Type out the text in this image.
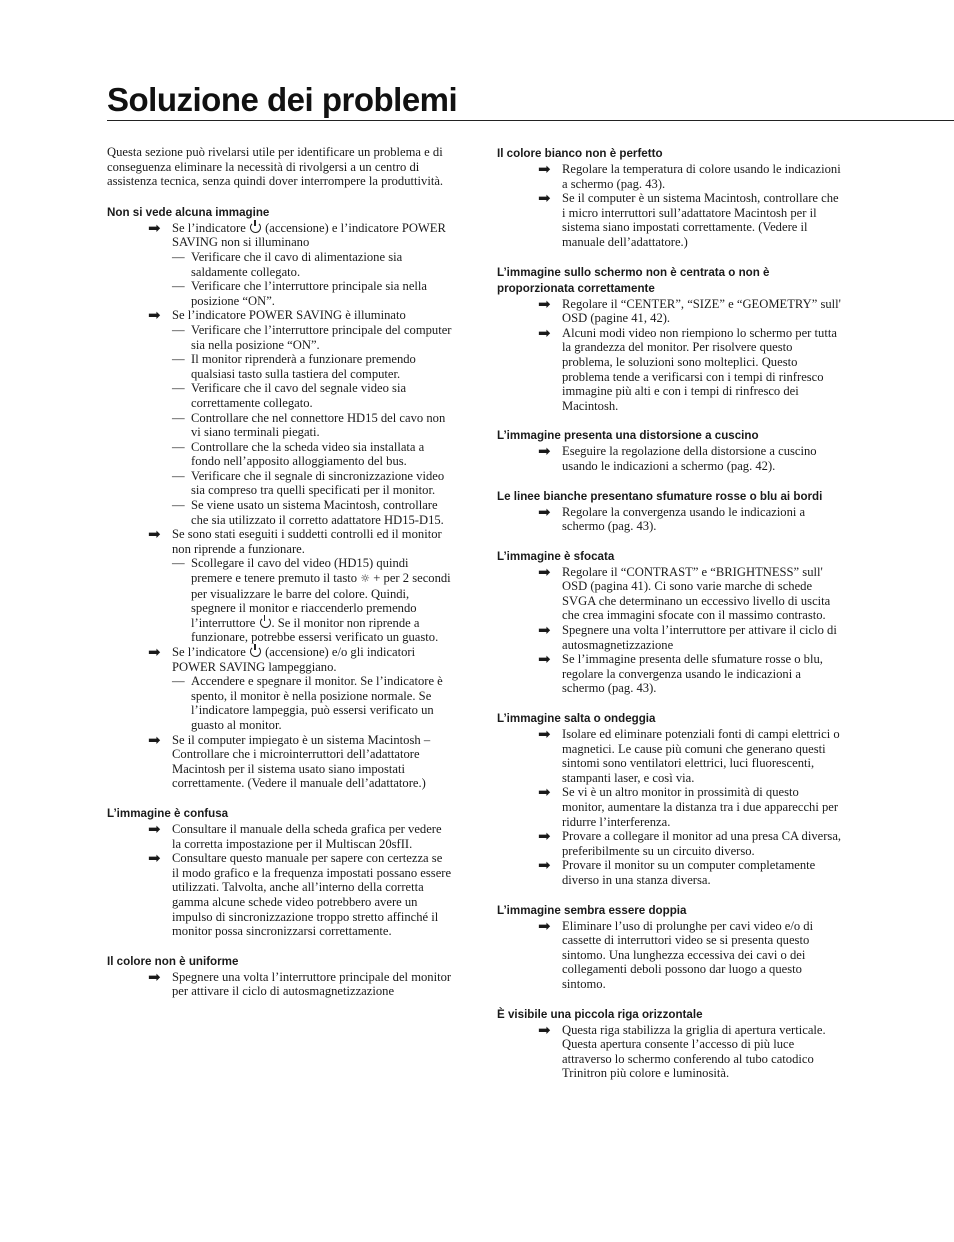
Soluzione dei problemi

Questa sezione può rivelarsi utile per identificare un problema e di conseguenza eliminare la necessità di rivolgersi a un centro di assistenza tecnica, senza quindi dover interrompere la produttività.

Non si vede alcuna immagine

➡ Se l’indicatore (accensione) e l’indicatore POWER SAVING non si illuminano
— Verificare che il cavo di alimentazione sia saldamente collegato.
— Verificare che l’interruttore principale sia nella posizione “ON”.
➡ Se l’indicatore POWER SAVING è illuminato
— Verificare che l’interruttore principale del computer sia nella posizione “ON”.
— Il monitor riprenderà a funzionare premendo qualsiasi tasto sulla tastiera del computer.
— Verificare che il cavo del segnale video sia correttamente collegato.
— Controllare che nel connettore HD15 del cavo non vi siano terminali piegati.
— Controllare che la scheda video sia installata a fondo nell’apposito alloggiamento del bus.
— Verificare che il segnale di sincronizzazione video sia compreso tra quelli specificati per il monitor.
— Se viene usato un sistema Macintosh, controllare che sia utilizzato il corretto adattatore HD15-D15.
➡ Se sono stati eseguiti i suddetti controlli ed il monitor non riprende a funzionare.
— Scollegare il cavo del video (HD15) quindi premere e tenere premuto il tasto ☼ + per 2 secondi per visualizzare le barre del colore. Quindi, spegnere il monitor e riaccenderlo premendo l’interruttore . Se il monitor non riprende a funzionare, potrebbe essersi verificato un guasto.
➡ Se l’indicatore (accensione) e/o gli indicatori POWER SAVING lampeggiano.
— Accendere e spegnare il monitor. Se l’indicatore è spento, il monitor è nella posizione normale. Se l’indicatore lampeggia, può essersi verificato un guasto al monitor.
➡ Se il computer impiegato è un sistema Macintosh – Controllare che i microinterruttori dell’adattatore Macintosh per il sistema usato siano impostati correttamente. (Vedere il manuale dell’adattatore.)

L’immagine è confusa

➡ Consultare il manuale della scheda grafica per vedere la corretta impostazione per il Multiscan 20sfII.
➡ Consultare questo manuale per sapere con certezza se il modo grafico e la frequenza impostati possano essere utilizzati. Talvolta, anche all’interno della corretta gamma alcune schede video potrebbero avere un impulso di sincronizzazione troppo stretto affinché il monitor possa sincronizzarsi correttamente.

Il colore non è uniforme

➡ Spegnere una volta l’interruttore principale del monitor per attivare il ciclo di autosmagnetizzazione

Il colore bianco non è perfetto

➡ Regolare la temperatura di colore usando le indicazioni a schermo (pag. 43).
➡ Se il computer è un sistema Macintosh, controllare che i micro interruttori sull’adattatore Macintosh per il sistema siano impostati correttamente. (Vedere il manuale dell’adattatore.)

L’immagine sullo schermo non è centrata o non è proporzionata correttamente

➡ Regolare il “CENTER”, “SIZE” e “GEOMETRY” sull' OSD (pagine 41, 42).
➡ Alcuni modi video non riempiono lo schermo per tutta la grandezza del monitor. Per risolvere questo problema, le soluzioni sono molteplici. Questo problema tende a verificarsi con i tempi di rinfresco immagine più alti e con i tempi di rinfresco dei Macintosh.

L’immagine presenta una distorsione a cuscino

➡ Eseguire la regolazione della distorsione a cuscino usando le indicazioni a schermo (pag. 42).

Le linee bianche presentano sfumature rosse o blu ai bordi

➡ Regolare la convergenza usando le indicazioni a schermo (pag. 43).

L’immagine è sfocata

➡ Regolare il “CONTRAST” e “BRIGHTNESS” sull' OSD (pagina 41). Ci sono varie marche di schede SVGA che determinano un eccessivo livello di uscita che crea immagini sfocate con il massimo contrasto.
➡ Spegnere una volta l’interruttore per attivare il ciclo di autosmagnetizzazione
➡ Se l’immagine presenta delle sfumature rosse o blu, regolare la convergenza usando le indicazioni a schermo (pag. 43).

L’immagine salta o ondeggia

➡ Isolare ed eliminare potenziali fonti di campi elettrici o magnetici. Le cause più comuni che generano questi sintomi sono ventilatori elettrici, luci fluorescenti, stampanti laser, e così via.
➡ Se vi è un altro monitor in prossimità di questo monitor, aumentare la distanza tra i due apparecchi per ridurre l’interferenza.
➡ Provare a collegare il monitor ad una presa CA diversa, preferibilmente su un circuito diverso.
➡ Provare il monitor su un computer completamente diverso in una stanza diversa.

L’immagine sembra essere doppia

➡ Eliminare l’uso di prolunghe per cavi video e/o di cassette di interruttori video se si presenta questo sintomo. Una lunghezza eccessiva dei cavi o dei collegamenti deboli possono dar luogo a questo sintomo.

È visibile una piccola riga orizzontale

➡ Questa riga stabilizza la griglia di apertura verticale. Questa apertura consente l’accesso di più luce attraverso lo schermo conferendo al tubo catodico Trinitron più colore e luminosità.
